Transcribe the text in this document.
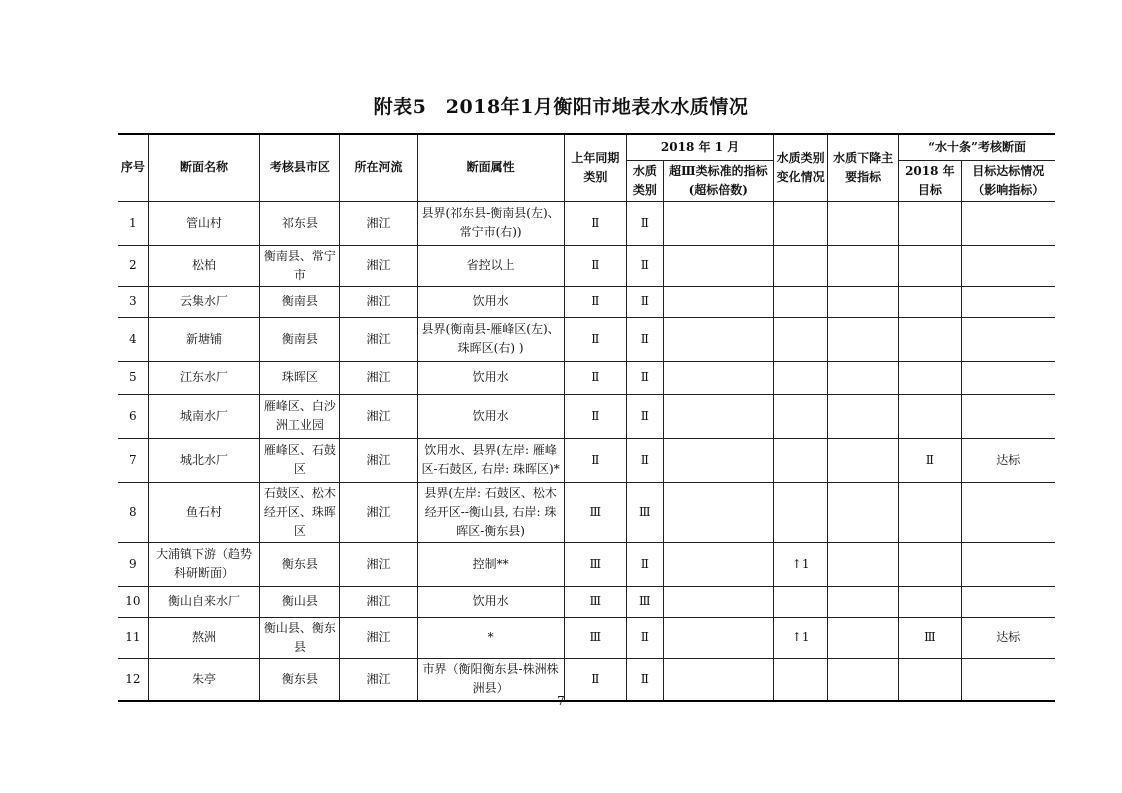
附表5　2018年1月衡阳市地表水水质情况
序号	断面名称	考核县市区	所在河流	断面属性	上年同期类别	2018 年 1 月		水质类别变化情况	水质下降主要指标	“水十条”考核断面	
						水质类别	超Ⅲ类标准的指标(超标倍数)			2018 年目标	目标达标情况（影响指标）
1	管山村	祁东县	湘江	县界(祁东县-衡南县(左)、常宁市(右))	Ⅱ	Ⅱ					
2	松柏	衡南县、常宁市	湘江	省控以上	Ⅱ	Ⅱ					
3	云集水厂	衡南县	湘江	饮用水	Ⅱ	Ⅱ					
4	新塘铺	衡南县	湘江	县界(衡南县-雁峰区(左)、珠晖区(右) )	Ⅱ	Ⅱ					
5	江东水厂	珠晖区	湘江	饮用水	Ⅱ	Ⅱ					
6	城南水厂	雁峰区、白沙洲工业园	湘江	饮用水	Ⅱ	Ⅱ					
7	城北水厂	雁峰区、石鼓区	湘江	饮用水、县界(左岸: 雁峰区-石鼓区, 右岸: 珠晖区)*	Ⅱ	Ⅱ				Ⅱ	达标
8	鱼石村	石鼓区、松木经开区、珠晖区	湘江	县界(左岸: 石鼓区、松木经开区--衡山县, 右岸: 珠晖区-衡东县)	Ⅲ	Ⅲ					
9	大浦镇下游（趋势科研断面）	衡东县	湘江	控制**	Ⅲ	Ⅱ		↑1			
10	衡山自来水厂	衡山县	湘江	饮用水	Ⅲ	Ⅲ					
11	熬洲	衡山县、衡东县	湘江	*	Ⅲ	Ⅱ		↑1		Ⅲ	达标
12	朱亭	衡东县	湘江	市界（衡阳衡东县-株洲株洲县）	Ⅱ	Ⅱ					
7
